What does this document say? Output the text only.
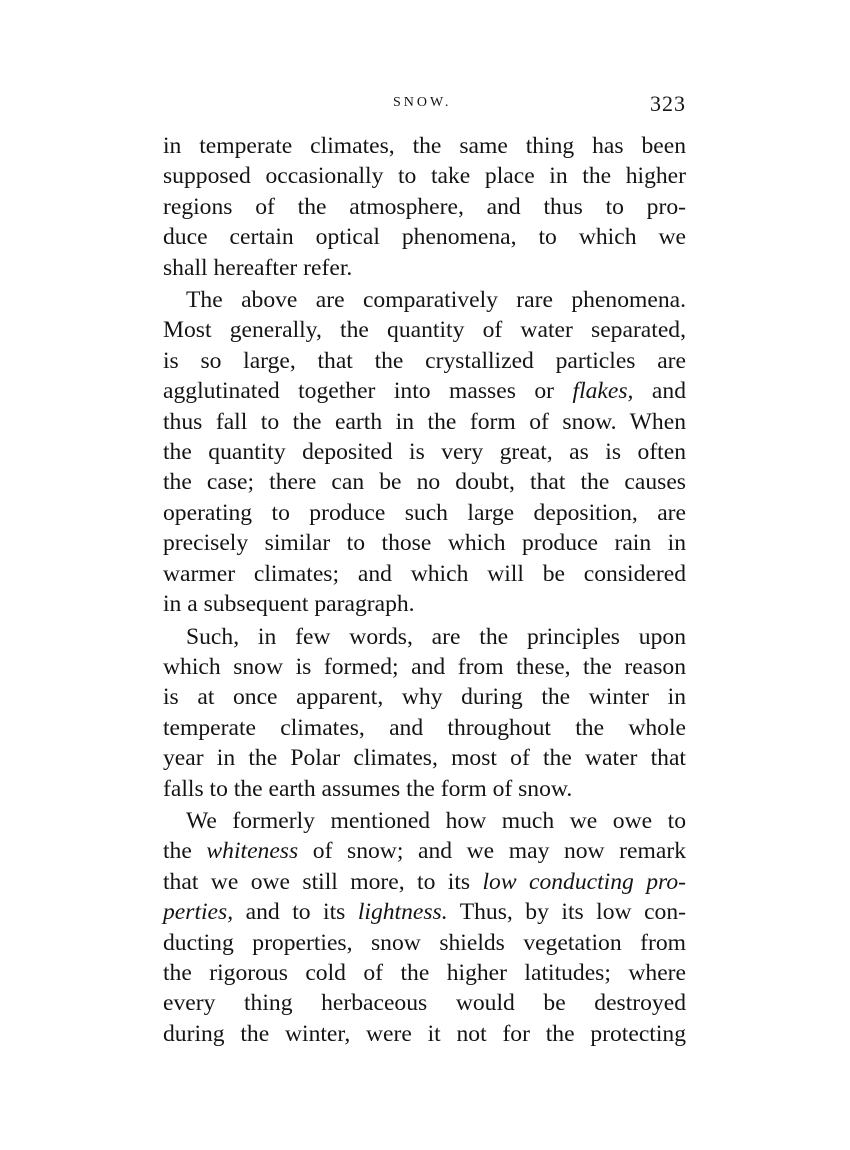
SNOW.	323
in temperate climates, the same thing has been
supposed occasionally to take place in the higher
regions of the atmosphere, and thus to pro-
duce certain optical phenomena, to which we
shall hereafter refer.
The above are comparatively rare phenomena.
Most generally, the quantity of water separated,
is so large, that the crystallized particles are
agglutinated together into masses or flakes, and
thus fall to the earth in the form of snow. When
the quantity deposited is very great, as is often
the case; there can be no doubt, that the causes
operating to produce such large deposition, are
precisely similar to those which produce rain in
warmer climates; and which will be considered
in a subsequent paragraph.
Such, in few words, are the principles upon
which snow is formed; and from these, the reason
is at once apparent, why during the winter in
temperate climates, and throughout the whole
year in the Polar climates, most of the water that
falls to the earth assumes the form of snow.
We formerly mentioned how much we owe to
the whiteness of snow; and we may now remark
that we owe still more, to its low conducting pro-
perties, and to its lightness. Thus, by its low con-
ducting properties, snow shields vegetation from
the rigorous cold of the higher latitudes; where
every thing herbaceous would be destroyed
during the winter, were it not for the protecting
